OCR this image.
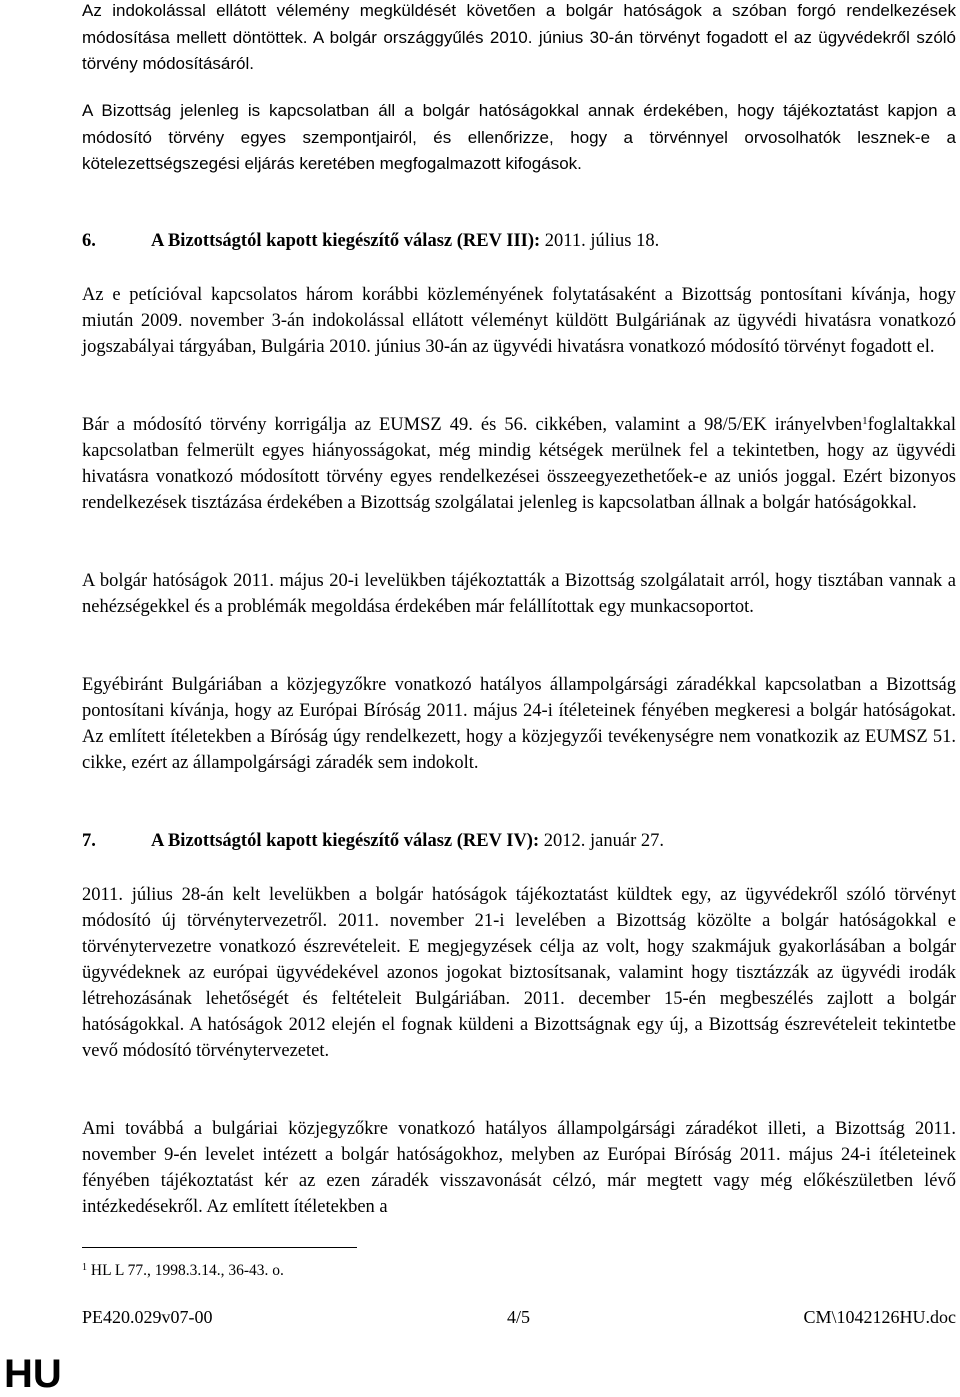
Az indokolással ellátott vélemény megküldését követően a bolgár hatóságok a szóban forgó rendelkezések módosítása mellett döntöttek. A bolgár országgyűlés 2010. június 30-án törvényt fogadott el az ügyvédekről szóló törvény módosításáról.

A Bizottság jelenleg is kapcsolatban áll a bolgár hatóságokkal annak érdekében, hogy tájékoztatást kapjon a módosító törvény egyes szempontjairól, és ellenőrizze, hogy a törvénnyel orvosolhatók lesznek-e a kötelezettségszegési eljárás keretében megfogalmazott kifogások.

6.	A Bizottságtól kapott kiegészítő válasz (REV III): 2011. július 18.

Az e petícióval kapcsolatos három korábbi közleményének folytatásaként a Bizottság pontosítani kívánja, hogy miután 2009. november 3-án indokolással ellátott véleményt küldött Bulgáriának az ügyvédi hivatásra vonatkozó jogszabályai tárgyában, Bulgária 2010. június 30-án az ügyvédi hivatásra vonatkozó módosító törvényt fogadott el.

Bár a módosító törvény korrigálja az EUMSZ 49. és 56. cikkében, valamint a 98/5/EK irányelvben$^1$foglaltakkal kapcsolatban felmerült egyes hiányosságokat, még mindig kétségek merülnek fel a tekintetben, hogy az ügyvédi hivatásra vonatkozó módosított törvény egyes rendelkezései összeegyezethetőek-e az uniós joggal. Ezért bizonyos rendelkezések tisztázása érdekében a Bizottság szolgálatai jelenleg is kapcsolatban állnak a bolgár hatóságokkal.

A bolgár hatóságok 2011. május 20-i levelükben tájékoztatták a Bizottság szolgálatait arról, hogy tisztában vannak a nehézségekkel és a problémák megoldása érdekében már felállítottak egy munkacsoportot.

Egyébiránt Bulgáriában a közjegyzőkre vonatkozó hatályos állampolgársági záradékkal kapcsolatban a Bizottság pontosítani kívánja, hogy az Európai Bíróság 2011. május 24-i ítéleteinek fényében megkeresi a bolgár hatóságokat. Az említett ítéletekben a Bíróság úgy rendelkezett, hogy a közjegyzői tevékenységre nem vonatkozik az EUMSZ 51. cikke, ezért az állampolgársági záradék sem indokolt.

7.	A Bizottságtól kapott kiegészítő válasz (REV IV): 2012. január 27.

2011. július 28-án kelt levelükben a bolgár hatóságok tájékoztatást küldtek egy, az ügyvédekről szóló törvényt módosító új törvénytervezetről. 2011. november 21-i levelében a Bizottság közölte a bolgár hatóságokkal e törvénytervezetre vonatkozó észrevételeit. E megjegyzések célja az volt, hogy szakmájuk gyakorlásában a bolgár ügyvédeknek az európai ügyvédekével azonos jogokat biztosítsanak, valamint hogy tisztázzák az ügyvédi irodák létrehozásának lehetőségét és feltételeit Bulgáriában. 2011. december 15-én megbeszélés zajlott a bolgár hatóságokkal. A hatóságok 2012 elején el fognak küldeni a Bizottságnak egy új, a Bizottság észrevételeit tekintetbe vevő módosító törvénytervezetet.

Ami továbbá a bulgáriai közjegyzőkre vonatkozó hatályos állampolgársági záradékot illeti, a Bizottság 2011. november 9-én levelet intézett a bolgár hatóságokhoz, melyben az Európai Bíróság 2011. május 24-i ítéleteinek fényében tájékoztatást kér az ezen záradék visszavonását célzó, már megtett vagy még előkészületben lévő intézkedésekről. Az említett ítéletekben a

$^1$ HL L 77., 1998.3.14., 36-43. o.
PE420.029v07-00	4/5	CM\1042126HU.doc
HU
